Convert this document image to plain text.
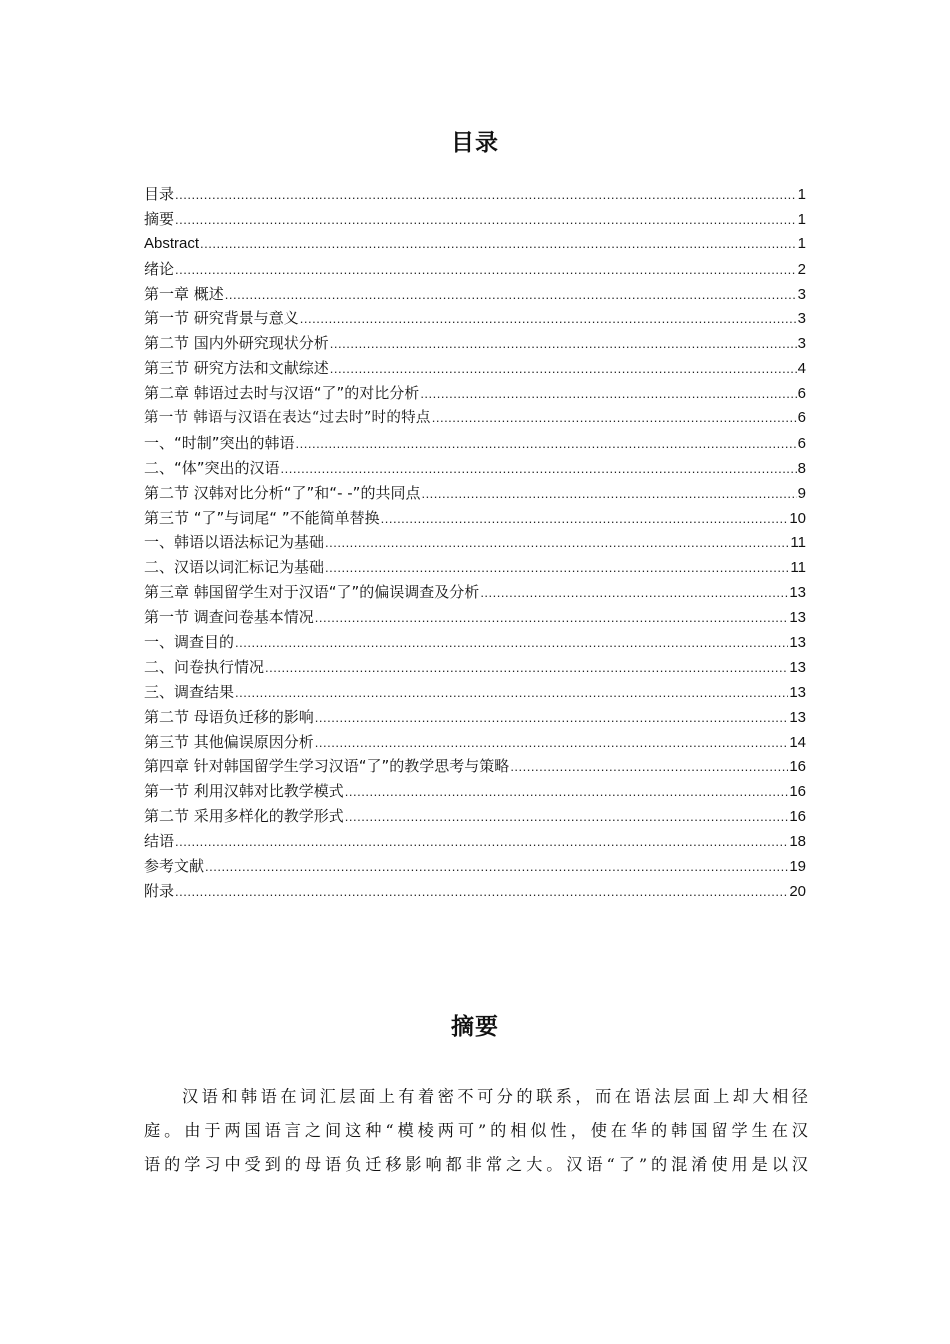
目录
目录 .....	1
摘要 .....	1
Abstract .....	1
绪论 .....	2
第一章 概述 .....	3
第一节 研究背景与意义 .....	3
第二节 国内外研究现状分析 .....	3
第三节 研究方法和文献综述 .....	4
第二章 韩语过去时与汉语“了”的对比分析 .....	6
第一节 韩语与汉语在表达“过去时”时的特点 .....	6
一、“时制”突出的韩语 .....	6
二、“体”突出的汉语 .....	8
第二节 汉韩对比分析“了”和“- -”的共同点 .....	9
第三节 “了”与词尾“ ”不能简单替换 .....	10
一、韩语以语法标记为基础 .....	11
二、汉语以词汇标记为基础 .....	11
第三章 韩国留学生对于汉语“了”的偏误调查及分析 .....	13
第一节 调查问卷基本情况 .....	13
一、调查目的 .....	13
二、问卷执行情况 .....	13
三、调查结果 .....	13
第二节 母语负迁移的影响 .....	13
第三节 其他偏误原因分析 .....	14
第四章 针对韩国留学生学习汉语“了”的教学思考与策略 .....	16
第一节 利用汉韩对比教学模式 .....	16
第二节 采用多样化的教学形式 .....	16
结语 .....	18
参考文献 .....	19
附录 .....	20
摘要
汉语和韩语在词汇层面上有着密不可分的联系，而在语法层面上却大相径
庭。由于两国语言之间这种“模棱两可”的相似性，使在华的韩国留学生在汉
语的学习中受到的母语负迁移影响都非常之大。汉语“了”的混淆使用是以汉
